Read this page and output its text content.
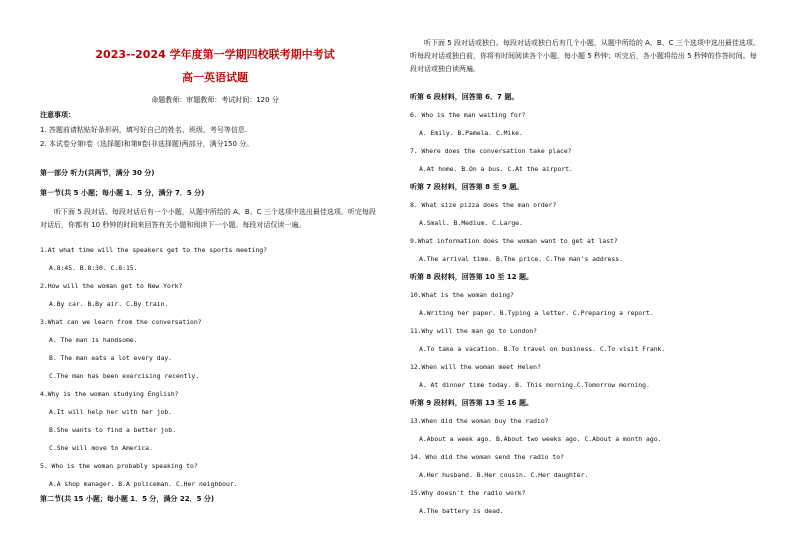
2023--2024 学年度第一学期四校联考期中考试
高一英语试题
命题教师：审题教师：考试时间：120 分
注意事项：
1. 答题前请粘贴好条形码，填写好自己的姓名、班级、考号等信息.
2. 本试卷分第Ⅰ卷（选择题)和第Ⅱ卷(非选择题)两部分，满分150 分。
第一部分 听力(共两节，满分 30 分)
第一节(共 5 小题；每小题 1．5 分，满分 7．5 分)
听下面 5 段对话。每段对话后有一个小题，从题中所给的 A、B、C 三个选项中选出最佳选项。听完每段对话后，你都有 10 秒钟的时间来回答有关小题和阅读下一小题。每段对话仅读一遍。
1.At what time will the speakers get to the sports meeting?
A.8:45. B.8:30. C.8:15.
2.How will the woman get to New York?
A.By car. B.By air. C.By train.
3.What can we learn from the conversation?
A. The man is handsome.
B. The man eats a lot every day.
C.The man has been exercising recently.
4.Why is the woman studying English?
A.It will help her with her job.
B.She wants to find a better job.
C.She will move to America.
5. Who is the woman probably speaking to?
A.A shop manager. B.A policeman. C.Her neighbour.
第二节(共 15 小题；每小题 1．5 分，满分 22．5 分)
听下面 5 段对话或独白。每段对话或独白后有几个小题，从题中所给的 A、B、C 三个选项中选出最佳选项。听每段对话或独白前，你将有时间阅读各个小题，每小题 5 秒钟；听完后，各小题将给出 5 秒钟的作答时间。每段对话或独白读两遍。
听第 6 段材料，回答第 6、7 题。
6. Who is the man waiting for?
A. Emily. B.Pamela. C.Mike.
7. Where does the conversation take place?
A.At home. B.On a bus. C.At the airport.
听第 7 段材料，回答第 8 至 9 题。
8. What size pizza does the man order?
A.Small. B.Medium. C.Large.
9.What information does the woman want to get at last?
A.The arrival time. B.The price. C.The man's address.
听第 8 段材料，回答第 10 至 12 题。
10.What is the woman doing?
A.Writing her paper. B.Typing a letter. C.Preparing a report.
11.Why will the man go to London?
A.To take a vacation. B.To travel on business. C.To visit Frank.
12.When will the woman meet Helen?
A. At dinner time today. B. This morning.C.Tomorrow morning.
听第 9 段材料，回答第 13 至 16 题。
13.When did the woman buy the radio?
A.About a week ago. B.About two weeks ago. C.About a month ago.
14. Who did the woman send the radio to?
A.Her husband. B.Her cousin. C.Her daughter.
15.Why doesn't the radio work?
A.The battery is dead.
